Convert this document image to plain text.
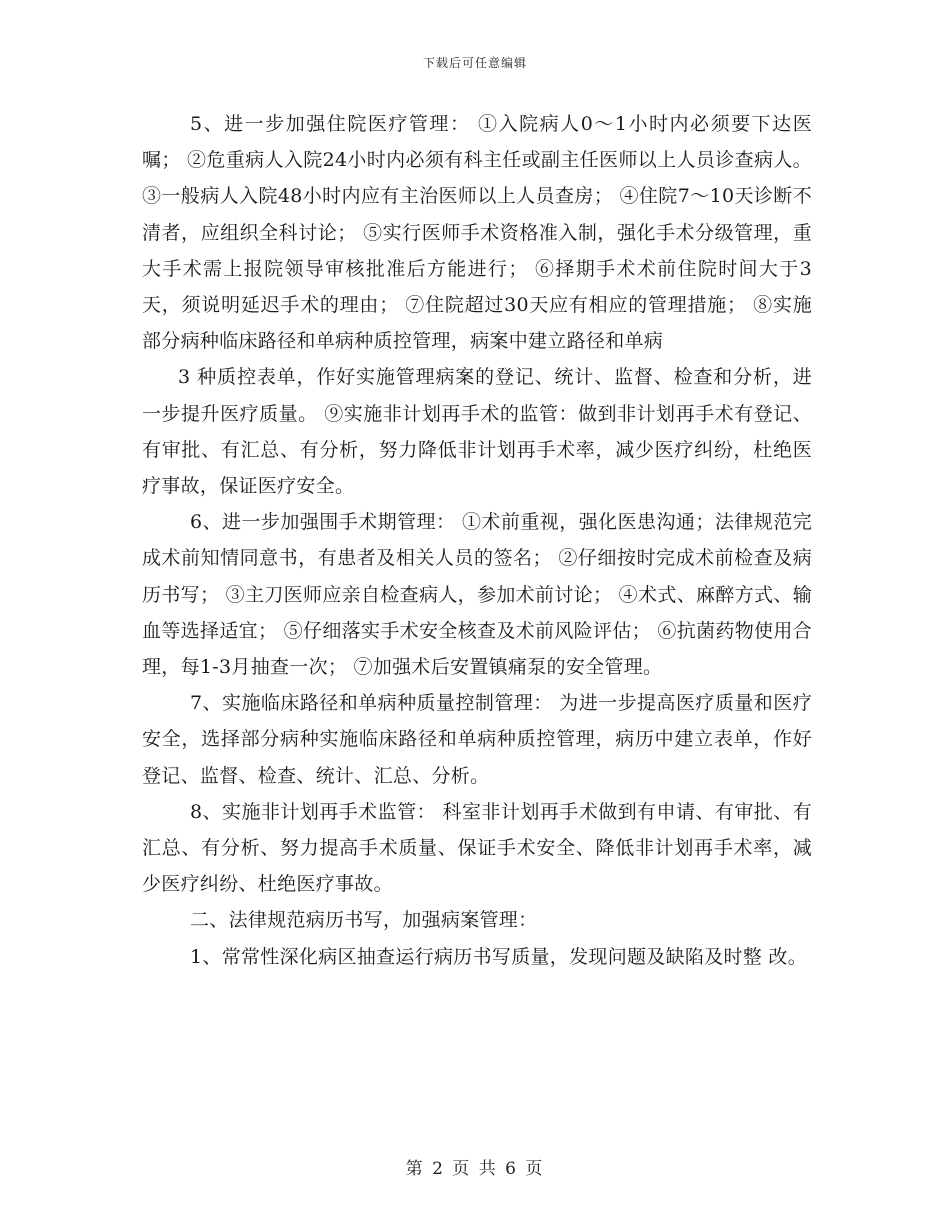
下载后可任意编辑

5、进一步加强住院医疗管理： ①入院病人0～1小时内必须要下达医嘱； ②危重病人入院24小时内必须有科主任或副主任医师以上人员诊查病人。 ③一般病人入院48小时内应有主治医师以上人员查房； ④住院7～10天诊断不清者，应组织全科讨论； ⑤实行医师手术资格准入制，强化手术分级管理，重大手术需上报院领导审核批准后方能进行； ⑥择期手术术前住院时间大于3天，须说明延迟手术的理由； ⑦住院超过30天应有相应的管理措施； ⑧实施部分病种临床路径和单病种质控管理，病案中建立路径和单病

3 种质控表单，作好实施管理病案的登记、统计、监督、检查和分析，进一步提升医疗质量。 ⑨实施非计划再手术的监管：做到非计划再手术有登记、有审批、有汇总、有分析，努力降低非计划再手术率，减少医疗纠纷，杜绝医疗事故，保证医疗安全。

6、进一步加强围手术期管理： ①术前重视，强化医患沟通；法律规范完成术前知情同意书，有患者及相关人员的签名； ②仔细按时完成术前检查及病历书写； ③主刀医师应亲自检查病人，参加术前讨论； ④术式、麻醉方式、输血等选择适宜； ⑤仔细落实手术安全核查及术前风险评估； ⑥抗菌药物使用合理，每1-3月抽查一次； ⑦加强术后安置镇痛泵的安全管理。

7、实施临床路径和单病种质量控制管理： 为进一步提高医疗质量和医疗安全，选择部分病种实施临床路径和单病种质控管理，病历中建立表单，作好登记、监督、检查、统计、汇总、分析。

8、实施非计划再手术监管： 科室非计划再手术做到有申请、有审批、有汇总、有分析、努力提高手术质量、保证手术安全、降低非计划再手术率，减少医疗纠纷、杜绝医疗事故。

二、法律规范病历书写，加强病案管理：

1、常常性深化病区抽查运行病历书写质量，发现问题及缺陷及时整 改。

第 2 页 共 6 页
